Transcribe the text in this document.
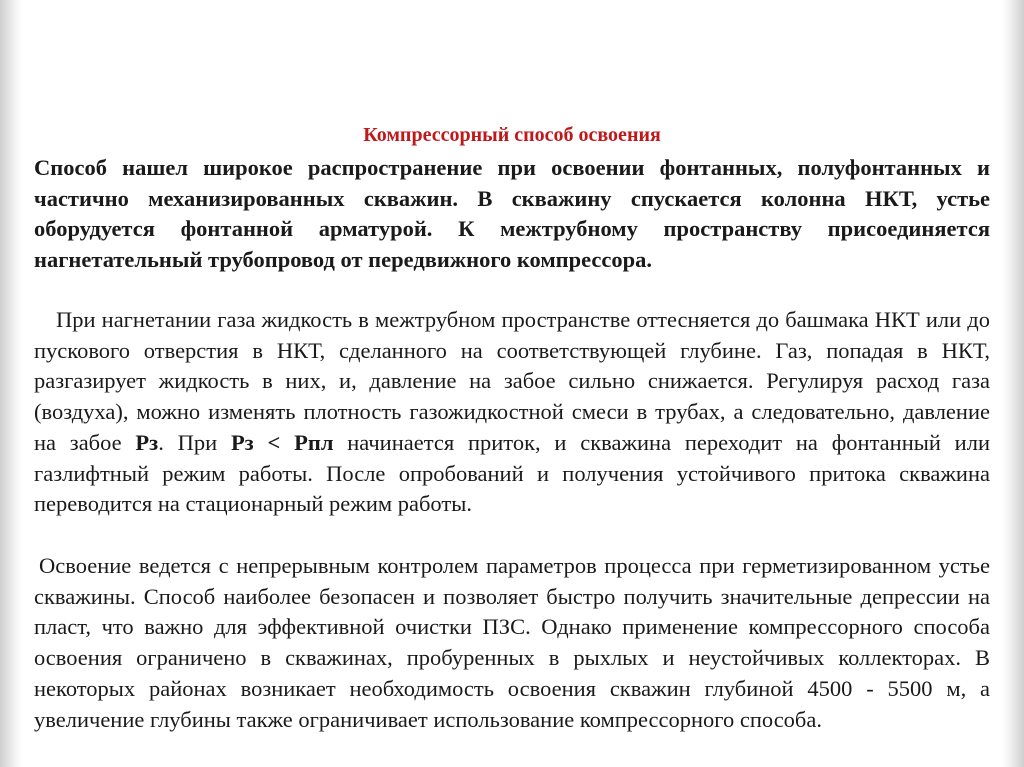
Компрессорный способ освоения

Способ нашел широкое распространение при освоении фонтанных, полуфонтанных и частично механизированных скважин. В скважину спускается колонна НКТ, устье оборудуется фонтанной арматурой. К межтрубному пространству присоединяется нагнетательный трубопровод от передвижного компрессора.

При нагнетании газа жидкость в межтрубном пространстве оттесняется до башмака НКТ или до пускового отверстия в НКТ, сделанного на соответствующей глубине. Газ, попадая в НКТ, разгазирует жидкость в них, и, давление на забое сильно снижается. Регулируя расход газа (воздуха), можно изменять плотность газожидкостной смеси в трубах, а следовательно, давление на забое Рз. При Рз < Рпл начинается приток, и скважина переходит на фонтанный или газлифтный режим работы. После опробований и получения устойчивого притока скважина переводится на стационарный режим работы.

Освоение ведется с непрерывным контролем параметров процесса при герметизированном устье скважины. Способ наиболее безопасен и позволяет быстро получить значительные депрессии на пласт, что важно для эффективной очистки ПЗС. Однако применение компрессорного способа освоения ограничено в скважинах, пробуренных в рыхлых и неустойчивых коллекторах. В некоторых районах возникает необходимость освоения скважин глубиной 4500 - 5500 м, а увеличение глубины также ограничивает использование компрессорного способа.
